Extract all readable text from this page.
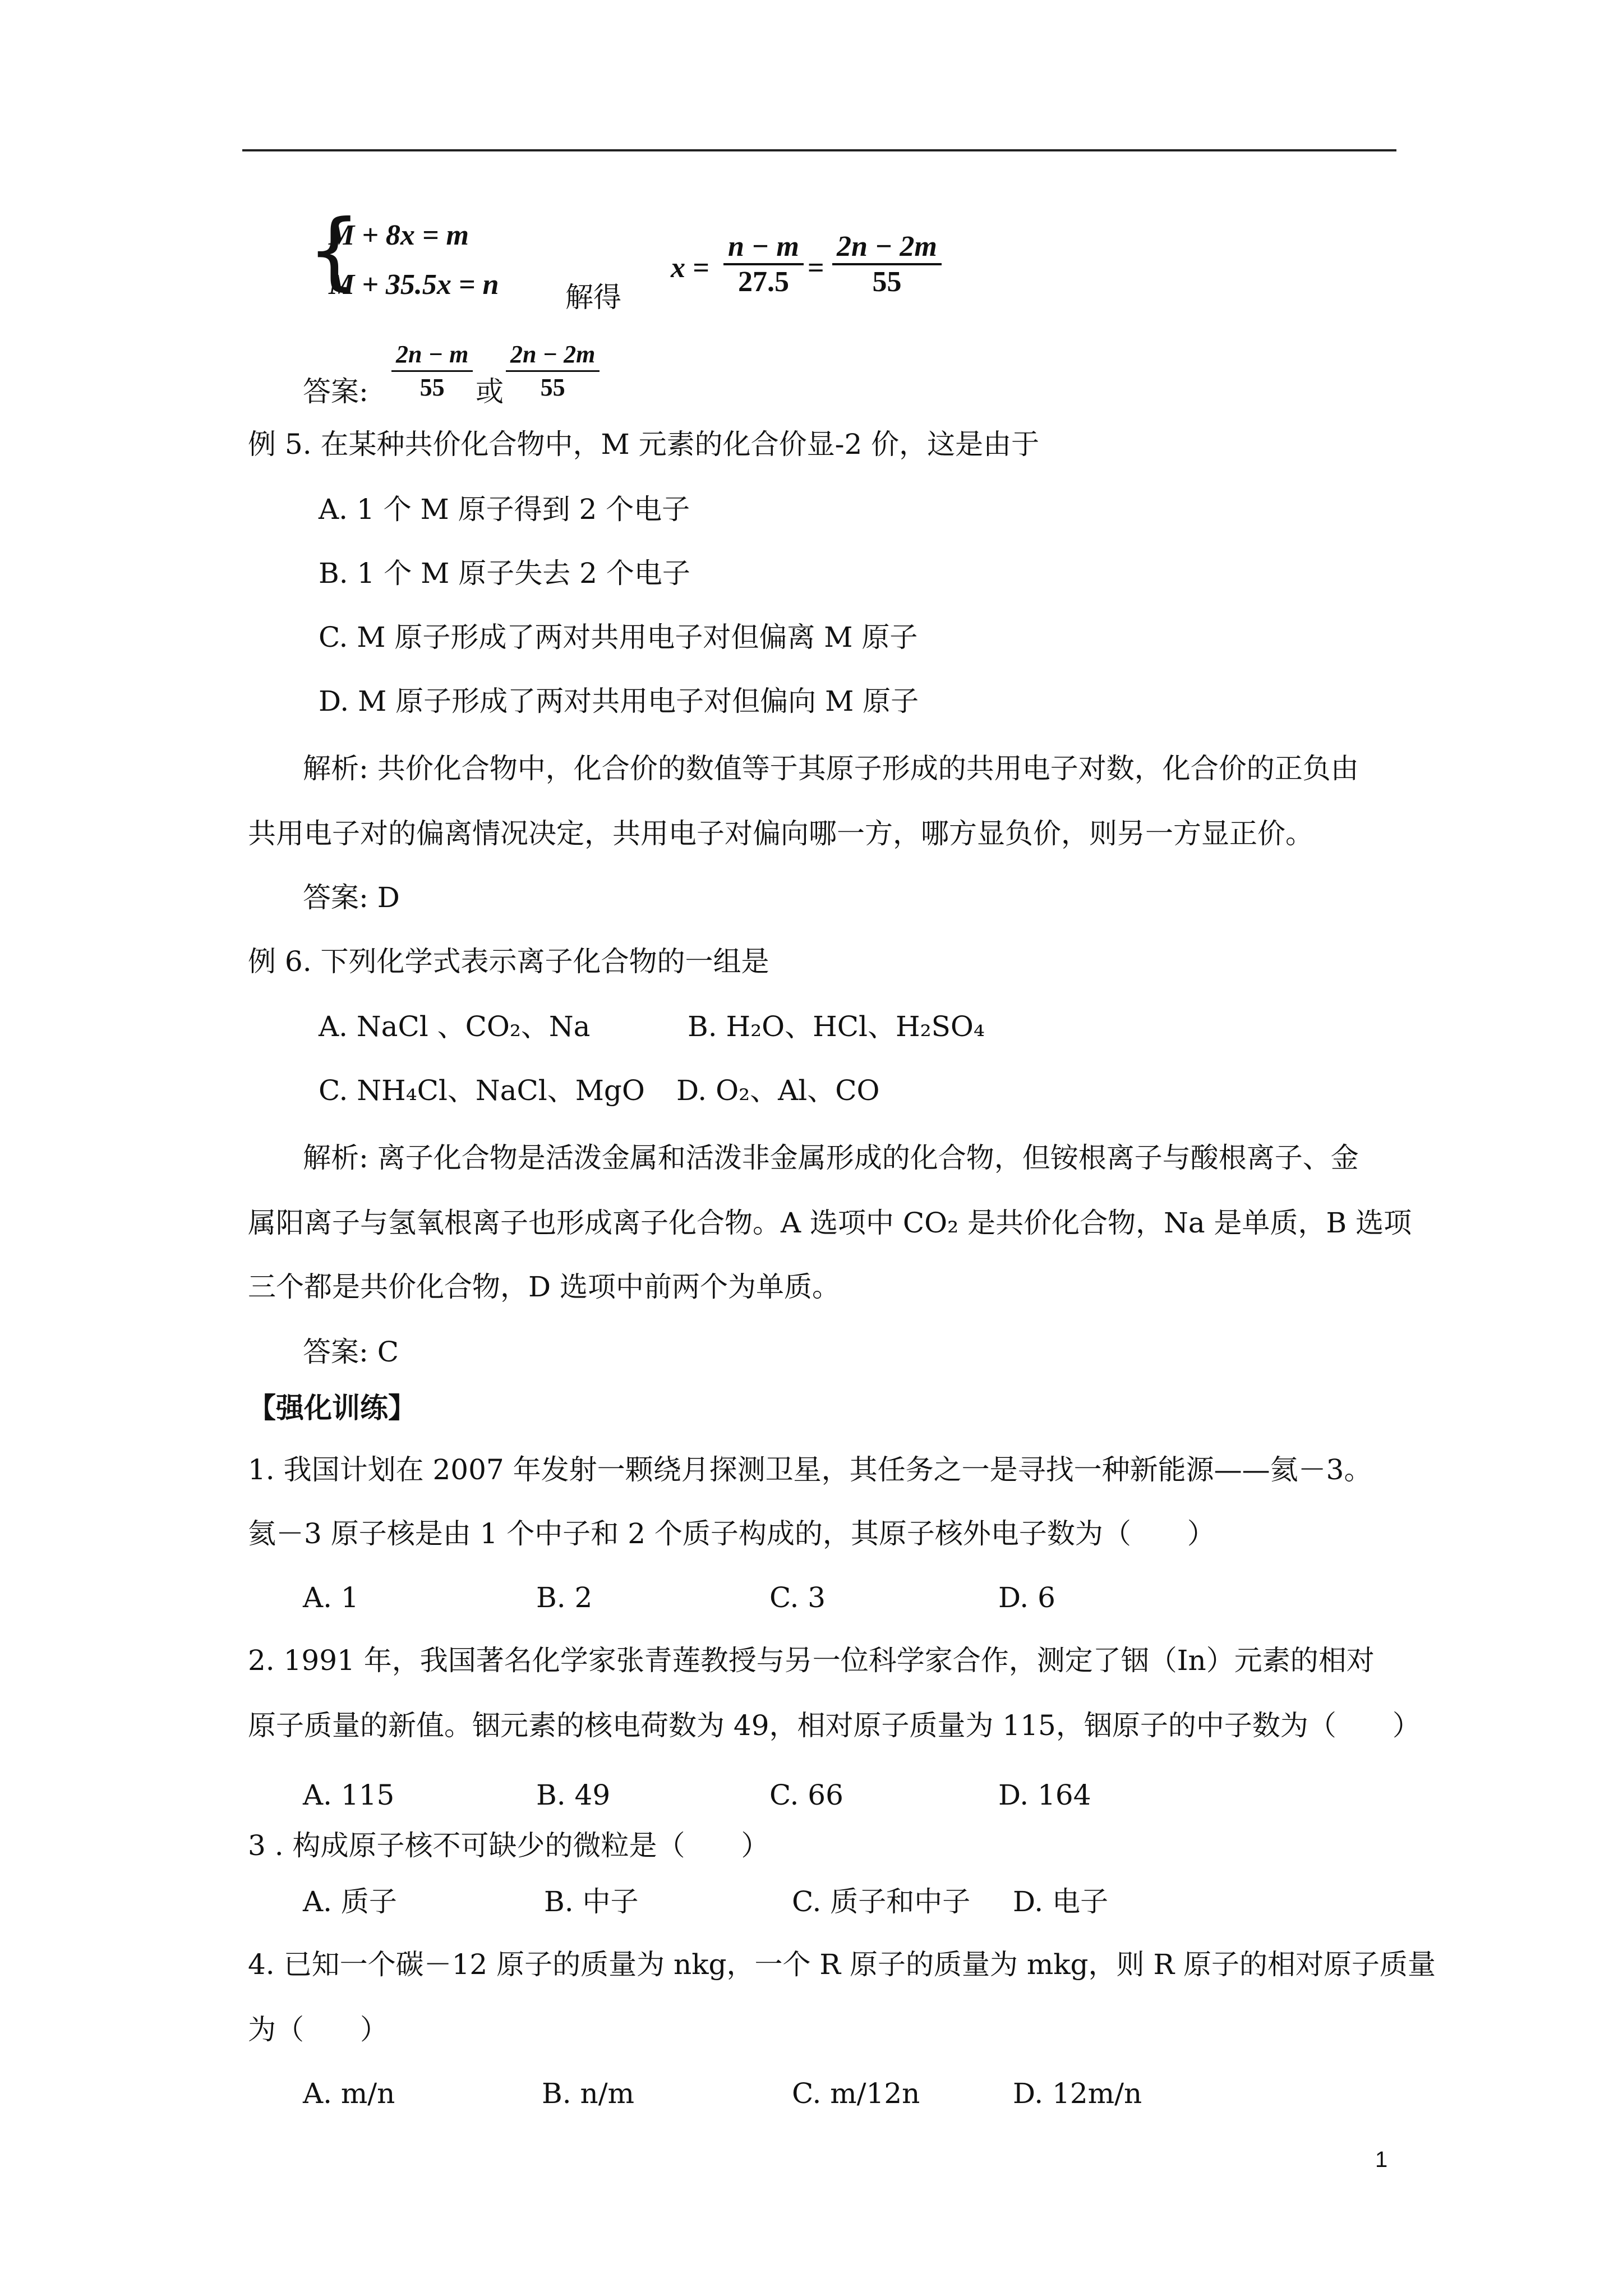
{
M + 8x = m
M + 35.5x = n 解得
x =
n − m
27.5 =
2n − 2m
55
答案:
2n − m
55	或
2n − 2m
55
例 5. 在某种共价化合物中，M 元素的化合价显-2 价，这是由于
A. 1 个 M 原子得到 2 个电子
B. 1 个 M 原子失去 2 个电子
C. M 原子形成了两对共用电子对但偏离 M 原子
D. M 原子形成了两对共用电子对但偏向 M 原子
解析: 共价化合物中，化合价的数值等于其原子形成的共用电子对数，化合价的正负由
共用电子对的偏离情况决定，共用电子对偏向哪一方，哪方显负价，则另一方显正价。
答案: D
例 6. 下列化学式表示离子化合物的一组是
A. NaCl 、CO₂、Na	B. H₂O、HCl、H₂SO₄
C. NH₄Cl、NaCl、MgO D. O₂、Al、CO
解析: 离子化合物是活泼金属和活泼非金属形成的化合物，但铵根离子与酸根离子、金
属阳离子与氢氧根离子也形成离子化合物。A 选项中 CO₂ 是共价化合物，Na 是单质，B 选项
三个都是共价化合物，D 选项中前两个为单质。
答案: C
【强化训练】
1. 我国计划在 2007 年发射一颗绕月探测卫星，其任务之一是寻找一种新能源——氦－3。
氦－3 原子核是由 1 个中子和 2 个质子构成的，其原子核外电子数为（　　）
A. 1	B. 2	C. 3	D. 6
2. 1991 年，我国著名化学家张青莲教授与另一位科学家合作，测定了铟（In）元素的相对
原子质量的新值。铟元素的核电荷数为 49，相对原子质量为 115，铟原子的中子数为（　　）
A. 115	B. 49	C. 66	D. 164
3 . 构成原子核不可缺少的微粒是（　　）
A. 质子	B. 中子	C. 质子和中子 D. 电子
4. 已知一个碳－12 原子的质量为 nkg，一个 R 原子的质量为 mkg，则 R 原子的相对原子质量
为（　　）
A. m/n	B. n/m	C. m/12n	D. 12m/n
1
